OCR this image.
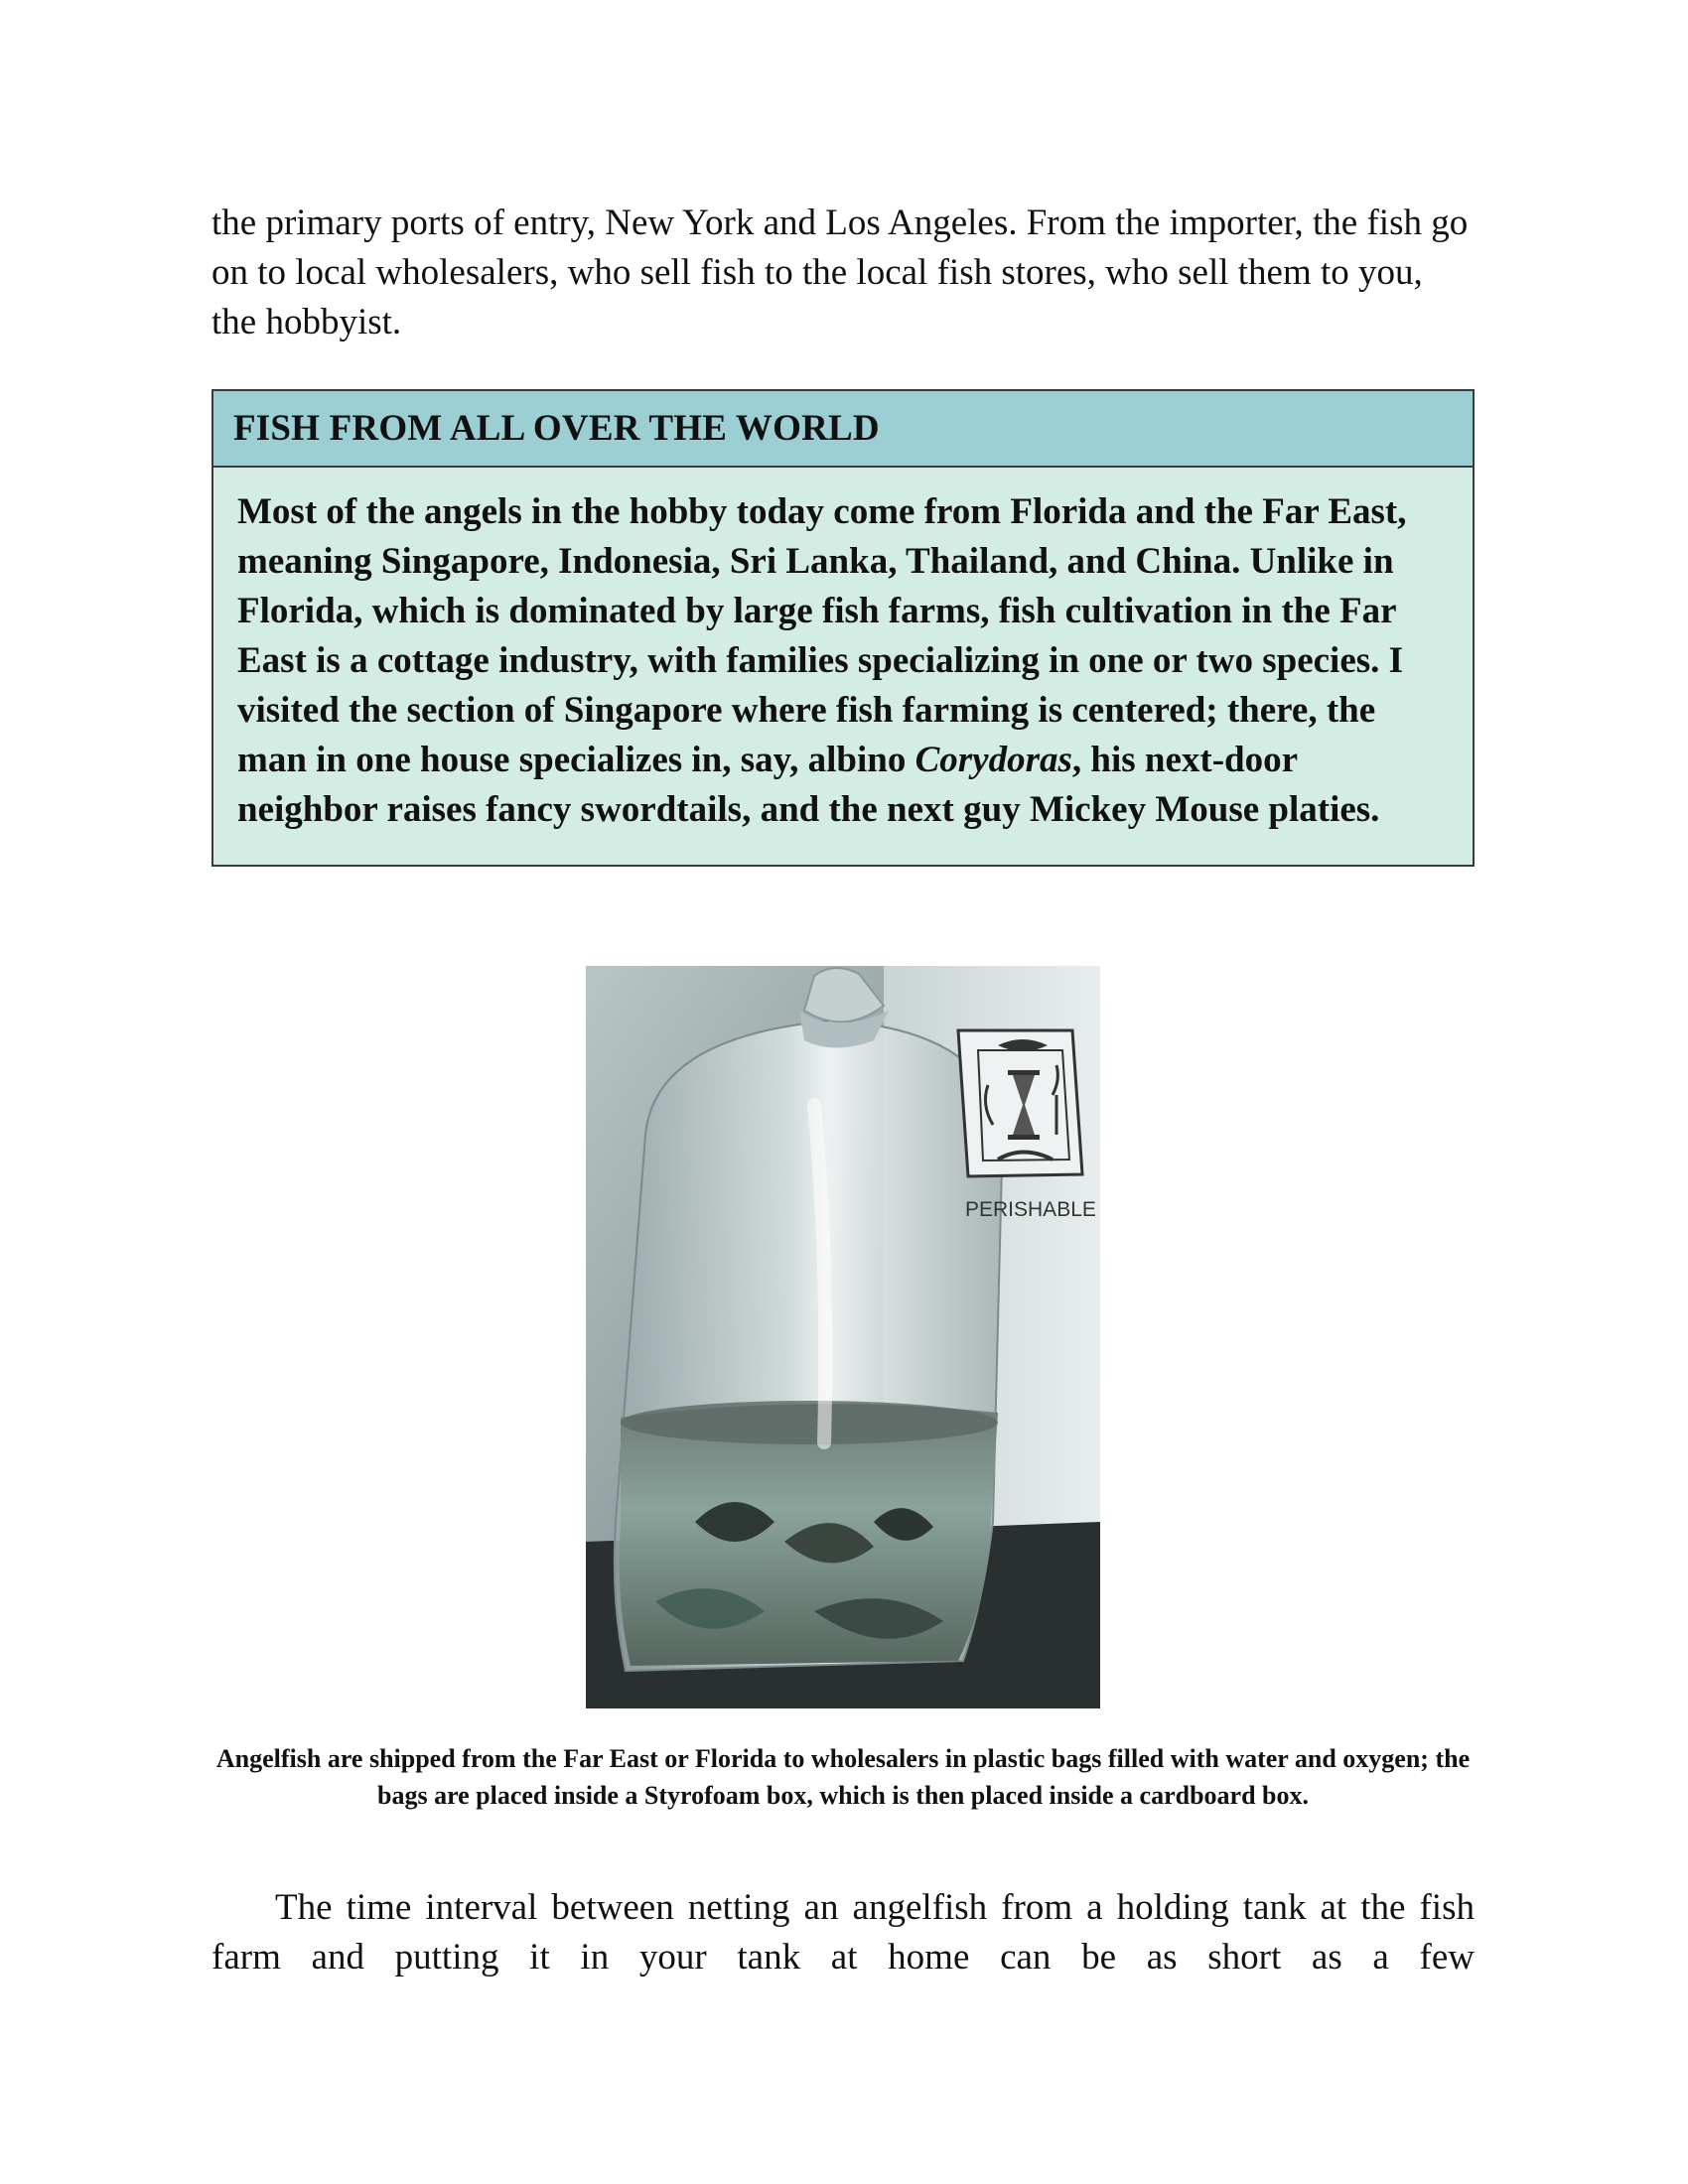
the primary ports of entry, New York and Los Angeles. From the importer, the fish go on to local wholesalers, who sell fish to the local fish stores, who sell them to you, the hobbyist.

FISH FROM ALL OVER THE WORLD

Most of the angels in the hobby today come from Florida and the Far East, meaning Singapore, Indonesia, Sri Lanka, Thailand, and China. Unlike in Florida, which is dominated by large fish farms, fish cultivation in the Far East is a cottage industry, with families specializing in one or two species. I visited the section of Singapore where fish farming is centered; there, the man in one house specializes in, say, albino Corydoras, his next-door neighbor raises fancy swordtails, and the next guy Mickey Mouse platies.

PERISHABLE

Angelfish are shipped from the Far East or Florida to wholesalers in plastic bags filled with water and oxygen; the bags are placed inside a Styrofoam box, which is then placed inside a cardboard box.

The time interval between netting an angelfish from a holding tank at the fish farm and putting it in your tank at home can be as short as a few
